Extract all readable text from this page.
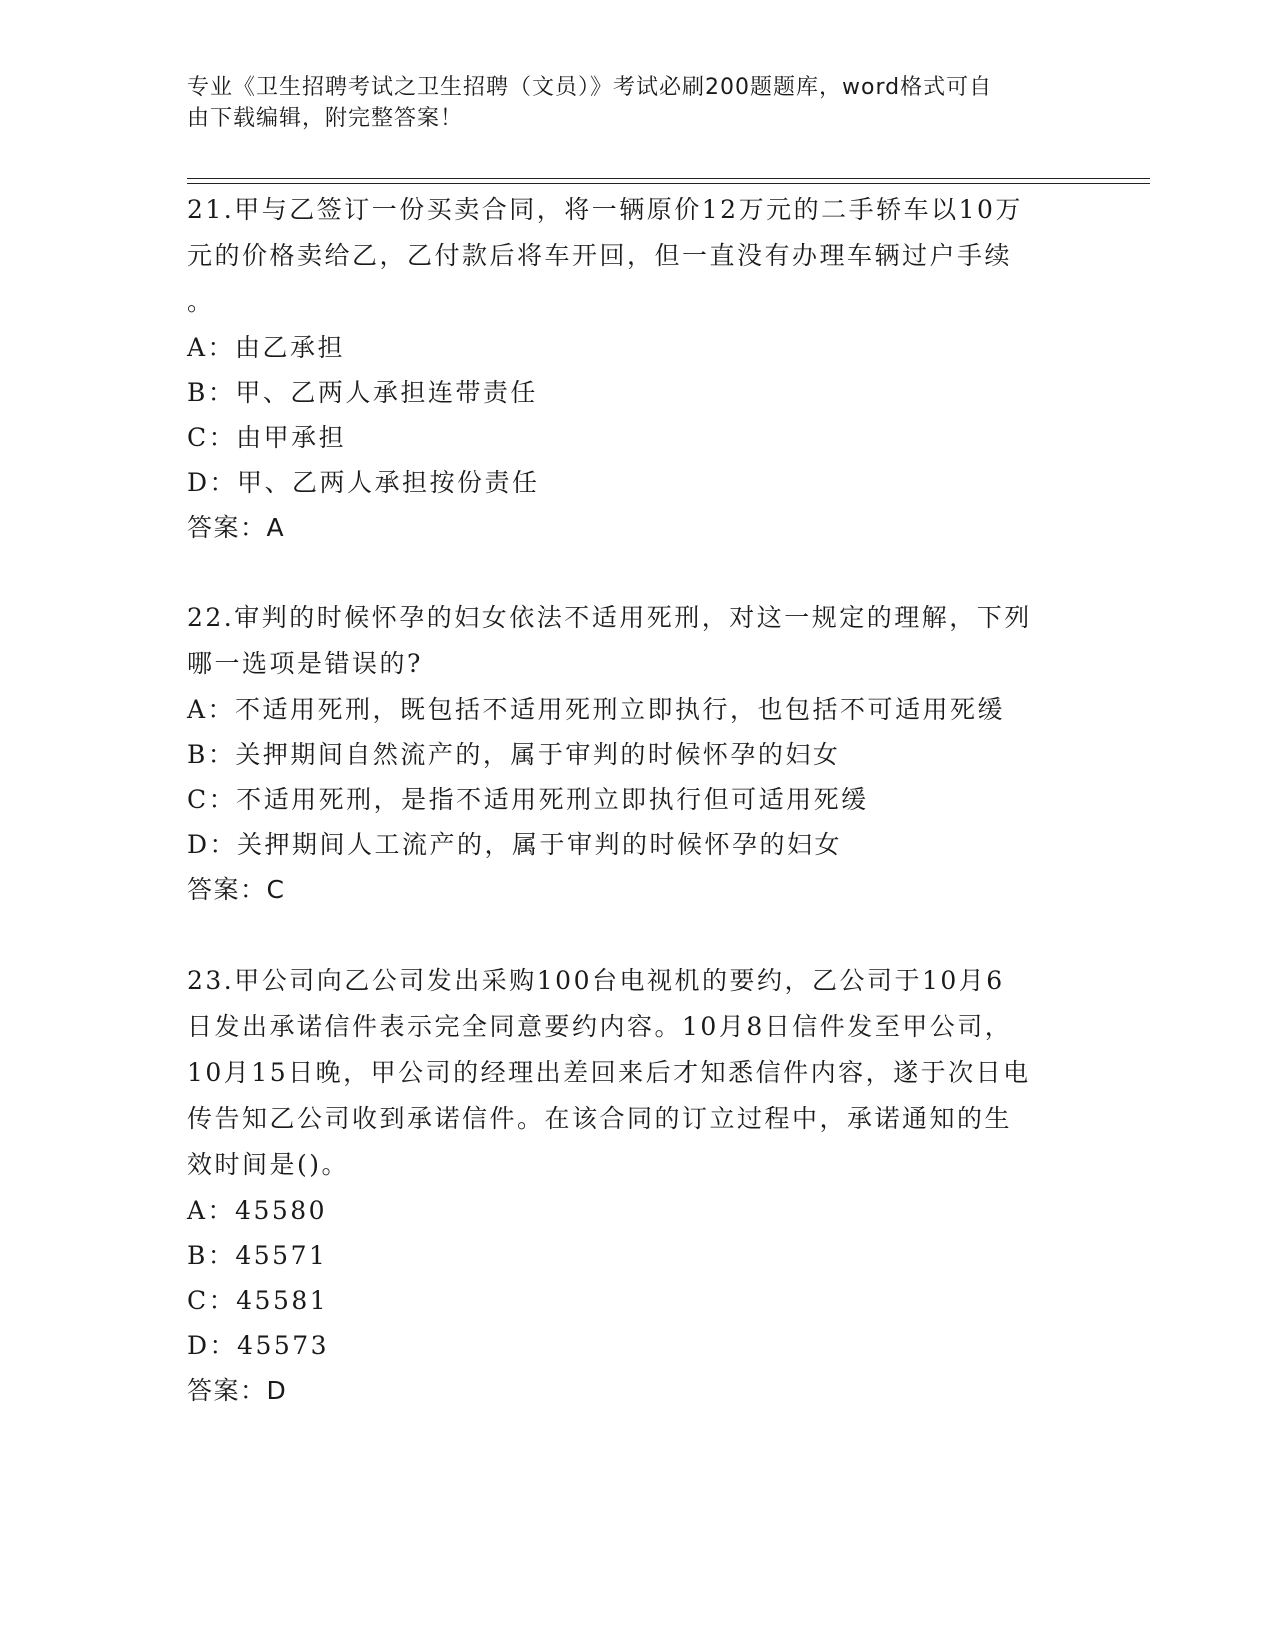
专业《卫生招聘考试之卫生招聘（文员）》考试必刷200题题库，word格式可自
由下载编辑，附完整答案！
21.甲与乙签订一份买卖合同，将一辆原价12万元的二手轿车以10万
元的价格卖给乙，乙付款后将车开回，但一直没有办理车辆过户手续
。
A：由乙承担
B：甲、乙两人承担连带责任
C：由甲承担
D：甲、乙两人承担按份责任
答案：A
22.审判的时候怀孕的妇女依法不适用死刑，对这一规定的理解，下列
哪一选项是错误的?
A：不适用死刑，既包括不适用死刑立即执行，也包括不可适用死缓
B：关押期间自然流产的，属于审判的时候怀孕的妇女
C：不适用死刑，是指不适用死刑立即执行但可适用死缓
D：关押期间人工流产的，属于审判的时候怀孕的妇女
答案：C
23.甲公司向乙公司发出采购100台电视机的要约，乙公司于10月6
日发出承诺信件表示完全同意要约内容。10月8日信件发至甲公司，
10月15日晚，甲公司的经理出差回来后才知悉信件内容，遂于次日电
传告知乙公司收到承诺信件。在该合同的订立过程中，承诺通知的生
效时间是()。
A：45580
B：45571
C：45581
D：45573
答案：D
